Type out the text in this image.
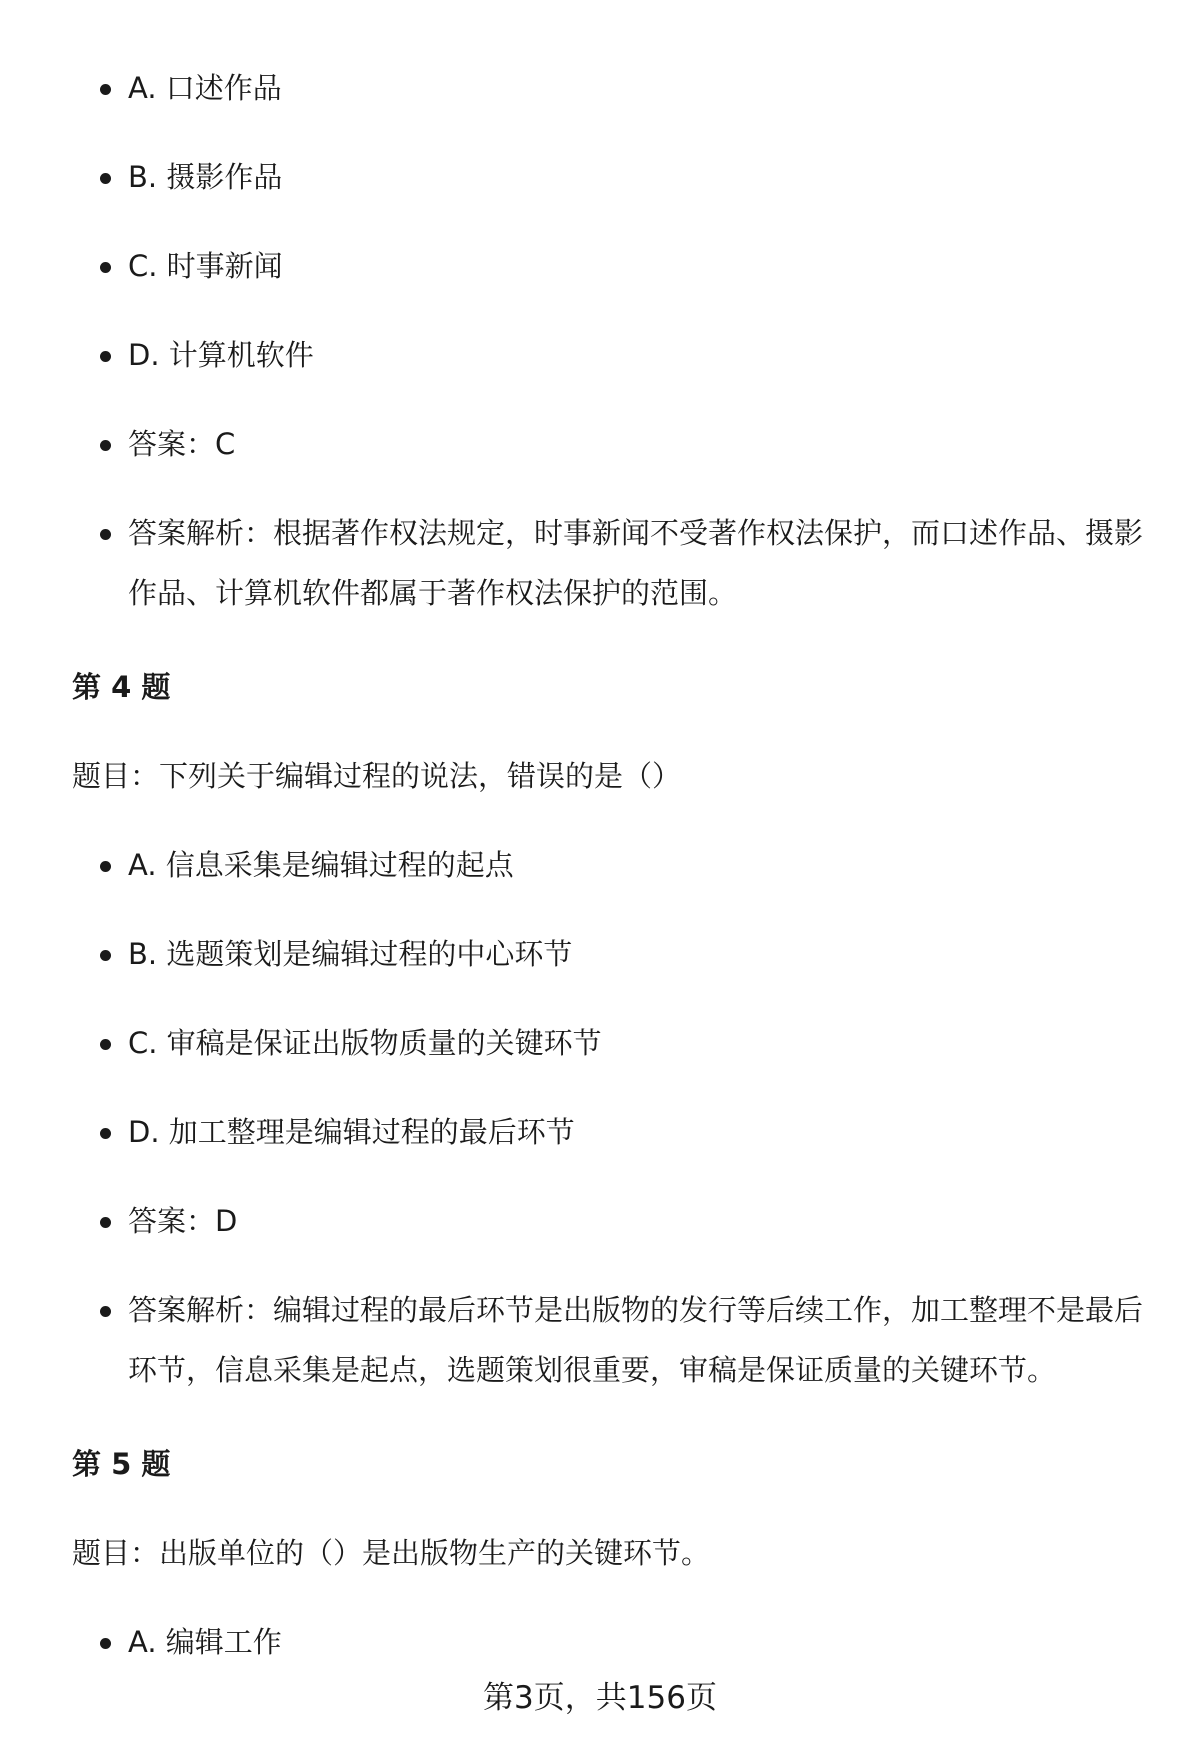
A. 口述作品
B. 摄影作品
C. 时事新闻
D. 计算机软件
答案：C
答案解析：根据著作权法规定，时事新闻不受著作权法保护，而口述作品、摄影作品、计算机软件都属于著作权法保护的范围。
第 4 题
题目：下列关于编辑过程的说法，错误的是（）
A. 信息采集是编辑过程的起点
B. 选题策划是编辑过程的中心环节
C. 审稿是保证出版物质量的关键环节
D. 加工整理是编辑过程的最后环节
答案：D
答案解析：编辑过程的最后环节是出版物的发行等后续工作，加工整理不是最后环节，信息采集是起点，选题策划很重要，审稿是保证质量的关键环节。
第 5 题
题目：出版单位的（）是出版物生产的关键环节。
A. 编辑工作
第3页，共156页
